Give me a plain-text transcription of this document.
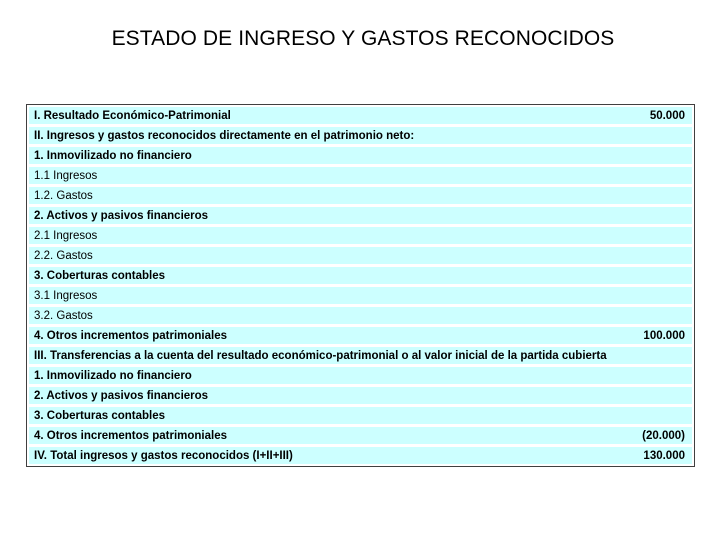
ESTADO DE INGRESO Y GASTOS RECONOCIDOS
I. Resultado Económico-Patrimonial	50.000
II. Ingresos y gastos reconocidos directamente en el patrimonio neto:
1. Inmovilizado no financiero
1.1 Ingresos
1.2. Gastos
2. Activos y pasivos financieros
2.1 Ingresos
2.2. Gastos
3. Coberturas contables
3.1 Ingresos
3.2. Gastos
4. Otros incrementos patrimoniales	100.000
III. Transferencias a la cuenta del resultado económico-patrimonial o al valor inicial de la partida cubierta
1. Inmovilizado no financiero
2. Activos y pasivos financieros
3. Coberturas contables
4. Otros incrementos patrimoniales	(20.000)
IV. Total ingresos y gastos reconocidos (I+II+III)	130.000
